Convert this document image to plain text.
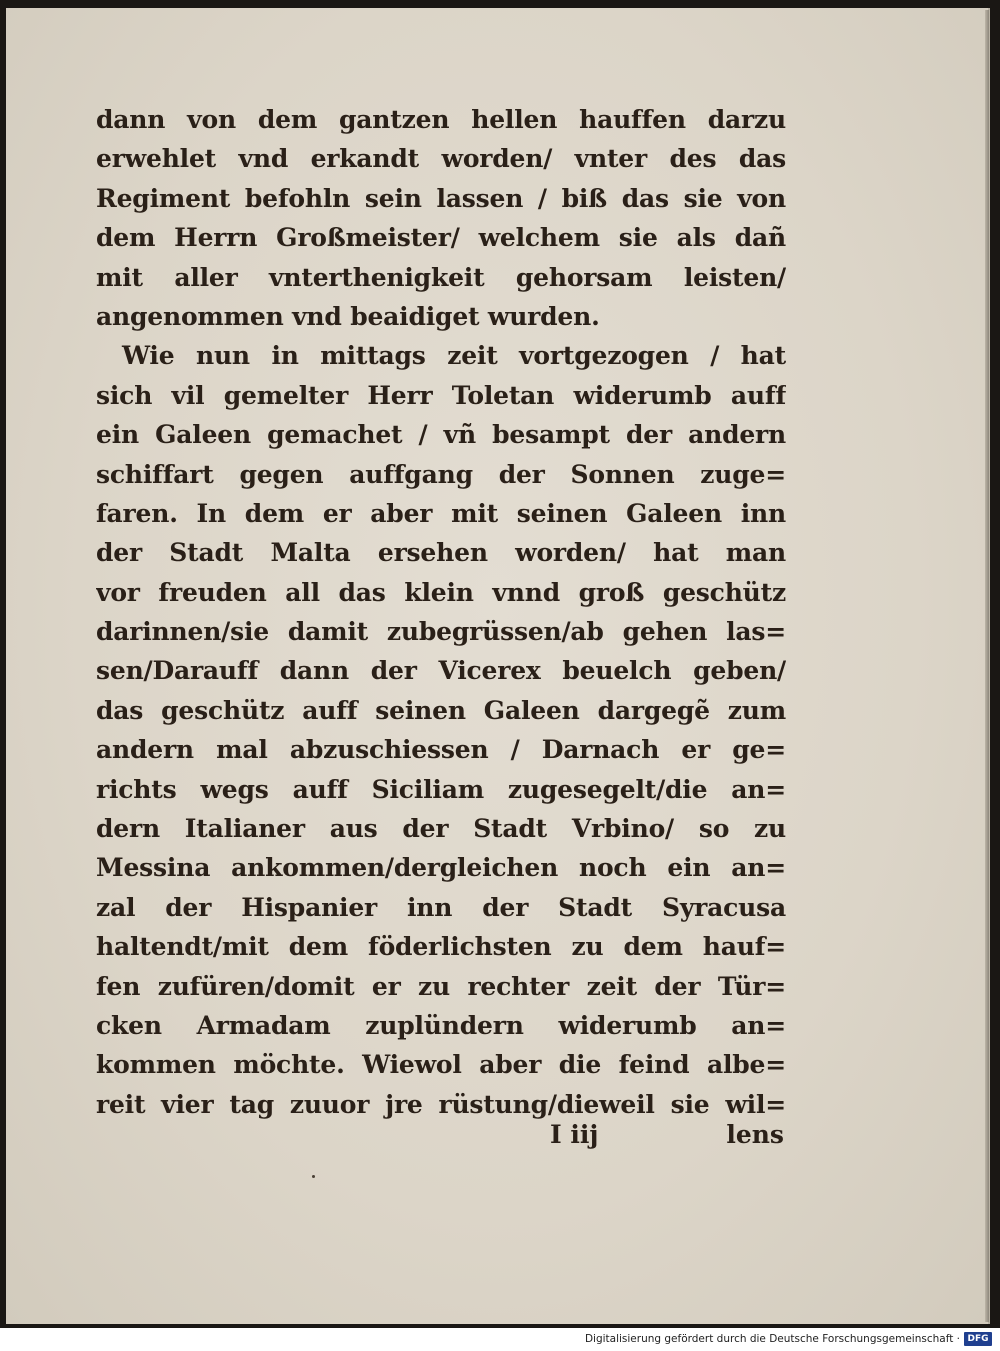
dann von dem gantzen hellen hauffen darzu
erwehlet vnd erkandt worden/ vnter des das
Regiment befohln sein lassen / biß das sie von
dem Herrn Großmeister/ welchem sie als dañ
mit aller vnterthenigkeit gehorsam leisten/
angenommen vnd beaidiget wurden.
Wie nun in mittags zeit vortgezogen / hat
sich vil gemelter Herr Toletan widerumb auff
ein Galeen gemachet / vñ besampt der andern
schiffart gegen auffgang der Sonnen zuge=
faren. In dem er aber mit seinen Galeen inn
der Stadt Malta ersehen worden/ hat man
vor freuden all das klein vnnd groß geschütz
darinnen/sie damit zubegrüssen/ab gehen las=
sen/Darauff dann der Vicerex beuelch geben/
das geschütz auff seinen Galeen dargegẽ zum
andern mal abzuschiessen / Darnach er ge=
richts wegs auff Siciliam zugesegelt/die an=
dern Italianer aus der Stadt Vrbino/ so zu
Messina ankommen/dergleichen noch ein an=
zal der Hispanier inn der Stadt Syracusa
haltendt/mit dem föderlichsten zu dem hauf=
fen zufüren/domit er zu rechter zeit der Tür=
cken Armadam zuplündern widerumb an=
kommen möchte. Wiewol aber die feind albe=
reit vier tag zuuor jre rüstung/dieweil sie wil=
I iij	lens
Digitalisierung gefördert durch die Deutsche Forschungsgemeinschaft · DFG
